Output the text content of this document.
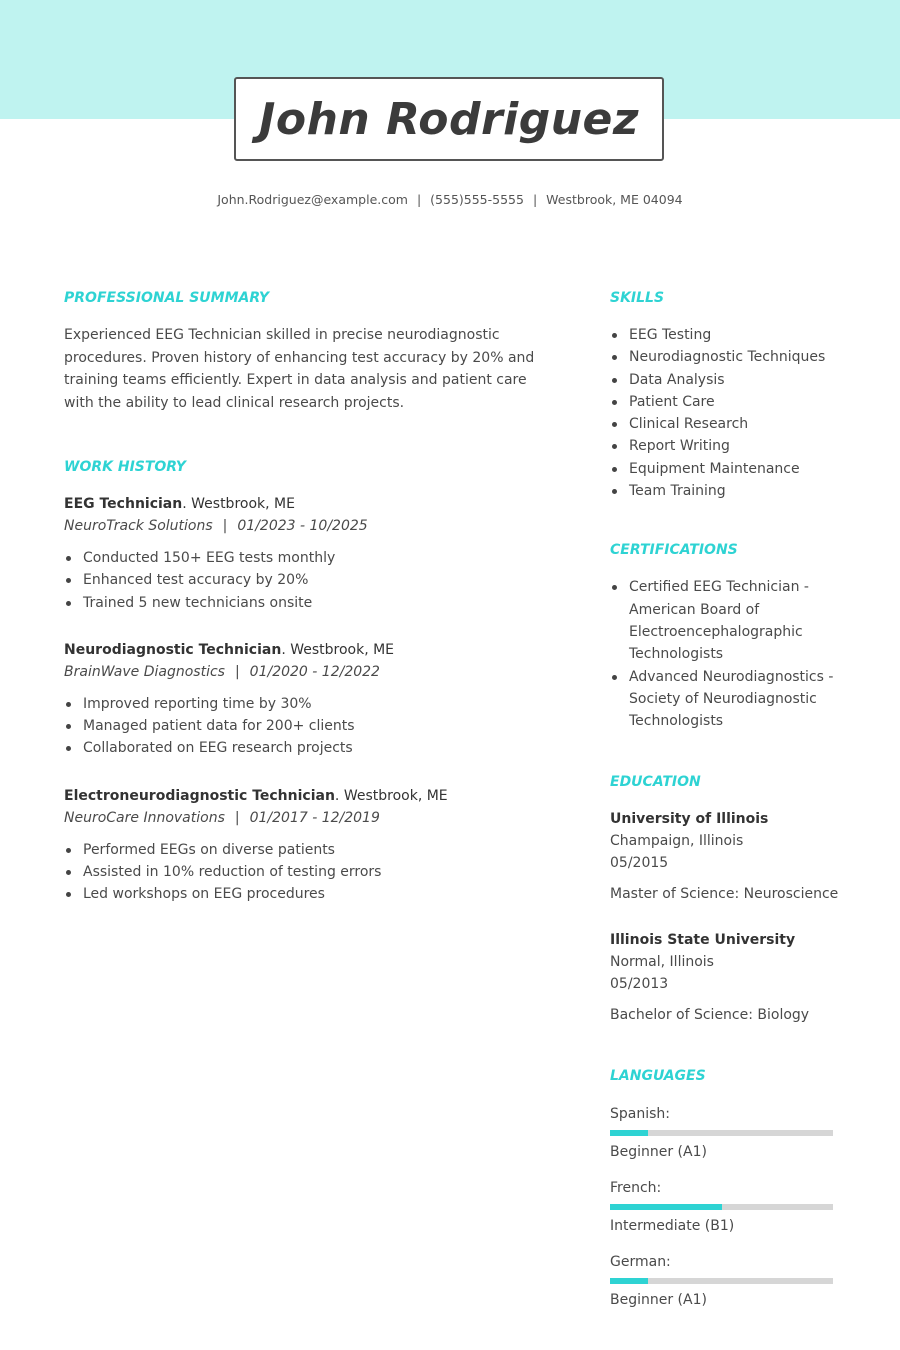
John Rodriguez
John.Rodriguez@example.com | (555)555-5555 | Westbrook, ME 04094
PROFESSIONAL SUMMARY
Experienced EEG Technician skilled in precise neurodiagnostic procedures. Proven history of enhancing test accuracy by 20% and training teams efficiently. Expert in data analysis and patient care with the ability to lead clinical research projects.
WORK HISTORY
EEG Technician. Westbrook, ME
NeuroTrack Solutions | 01/2023 - 10/2025
Conducted 150+ EEG tests monthly
Enhanced test accuracy by 20%
Trained 5 new technicians onsite
Neurodiagnostic Technician. Westbrook, ME
BrainWave Diagnostics | 01/2020 - 12/2022
Improved reporting time by 30%
Managed patient data for 200+ clients
Collaborated on EEG research projects
Electroneurodiagnostic Technician. Westbrook, ME
NeuroCare Innovations | 01/2017 - 12/2019
Performed EEGs on diverse patients
Assisted in 10% reduction of testing errors
Led workshops on EEG procedures
SKILLS
EEG Testing
Neurodiagnostic Techniques
Data Analysis
Patient Care
Clinical Research
Report Writing
Equipment Maintenance
Team Training
CERTIFICATIONS
Certified EEG Technician - American Board of Electroencephalographic Technologists
Advanced Neurodiagnostics - Society of Neurodiagnostic Technologists
EDUCATION
University of Illinois
Champaign, Illinois
05/2015
Master of Science: Neuroscience
Illinois State University
Normal, Illinois
05/2013
Bachelor of Science: Biology
LANGUAGES
Spanish:
Beginner (A1)
French:
Intermediate (B1)
German:
Beginner (A1)
